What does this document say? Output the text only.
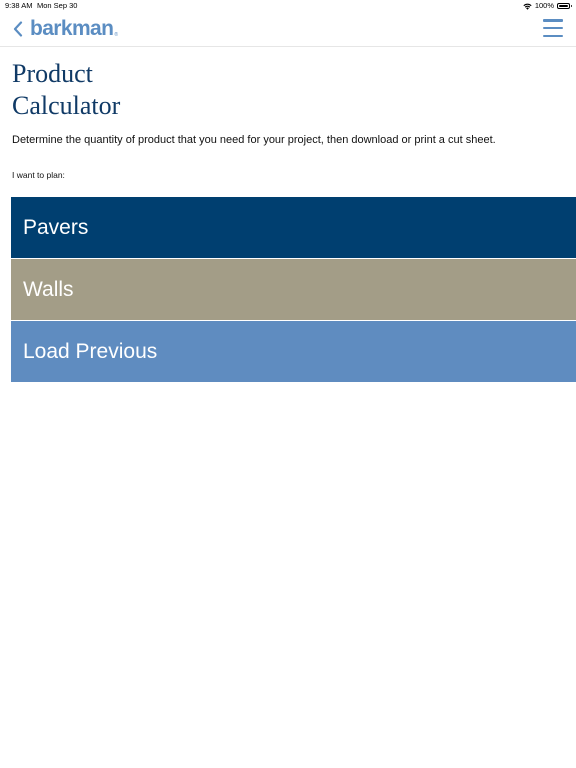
9:38 AM Mon Sep 30	100%
barkman®
Product
Calculator

Determine the quantity of product that you need for your project, then download or print a cut sheet.

I want to plan:

Pavers
Walls
Load Previous
